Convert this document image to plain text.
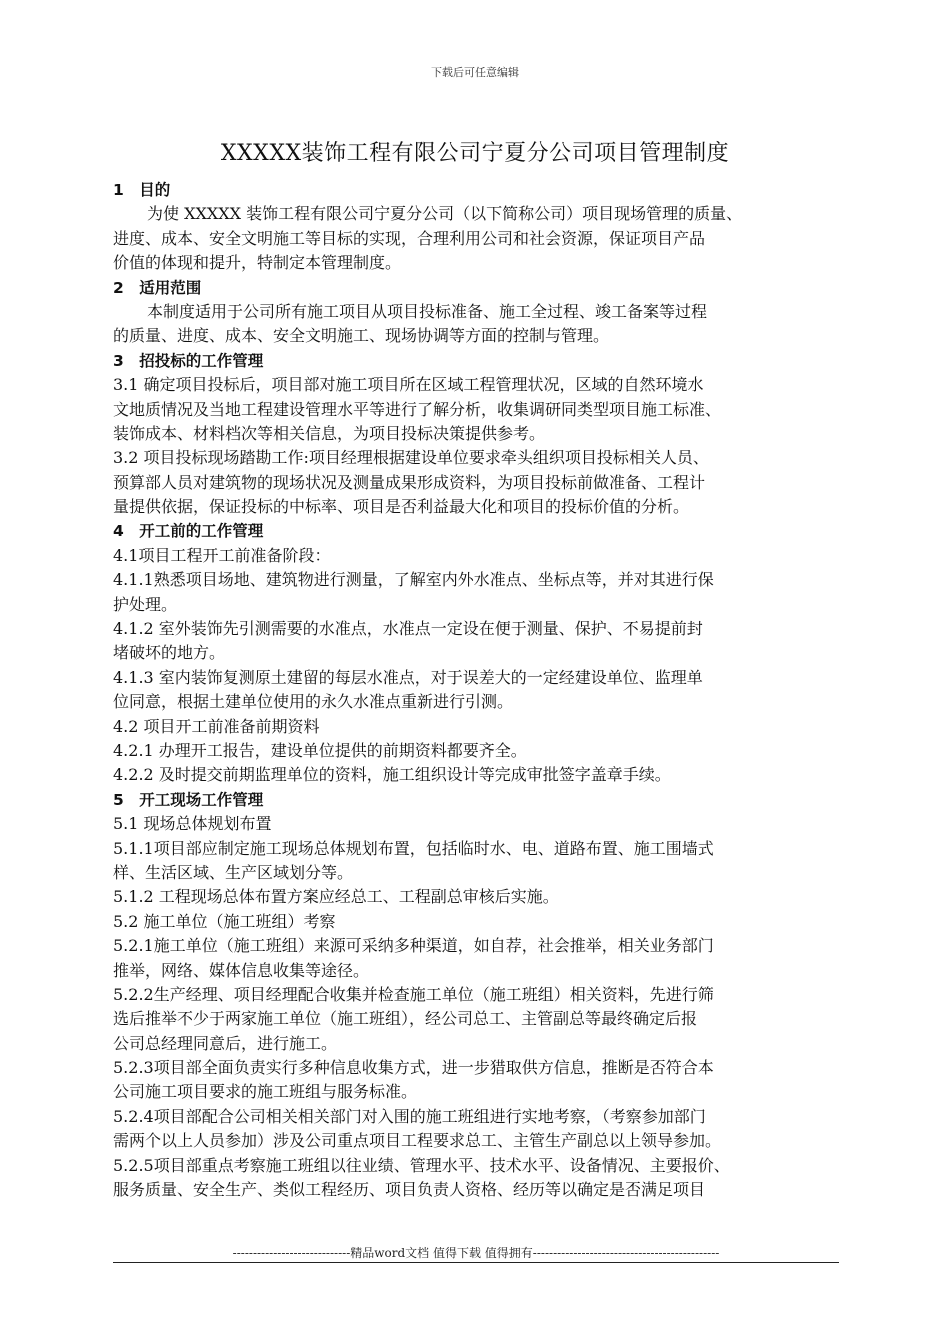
下载后可任意编辑
XXXXX装饰工程有限公司宁夏分公司项目管理制度
1　目的
为使 XXXXX 装饰工程有限公司宁夏分公司（以下简称公司）项目现场管理的质量、
进度、成本、安全文明施工等目标的实现，合理利用公司和社会资源，保证项目产品
价值的体现和提升，特制定本管理制度。
2　适用范围
本制度适用于公司所有施工项目从项目投标准备、施工全过程、竣工备案等过程
的质量、进度、成本、安全文明施工、现场协调等方面的控制与管理。
3　招投标的工作管理
3.1 确定项目投标后，项目部对施工项目所在区域工程管理状况，区域的自然环境水
文地质情况及当地工程建设管理水平等进行了解分析，收集调研同类型项目施工标准、
装饰成本、材料档次等相关信息，为项目投标决策提供参考。
3.2 项目投标现场踏勘工作:项目经理根据建设单位要求牵头组织项目投标相关人员、
预算部人员对建筑物的现场状况及测量成果形成资料，为项目投标前做准备、工程计
量提供依据，保证投标的中标率、项目是否利益最大化和项目的投标价值的分析。
4　开工前的工作管理
4.1项目工程开工前准备阶段：
4.1.1熟悉项目场地、建筑物进行测量，了解室内外水准点、坐标点等，并对其进行保
护处理。
4.1.2 室外装饰先引测需要的水准点，水准点一定设在便于测量、保护、不易提前封
堵破坏的地方。
4.1.3 室内装饰复测原土建留的每层水准点，对于误差大的一定经建设单位、监理单
位同意，根据土建单位使用的永久水准点重新进行引测。
4.2 项目开工前准备前期资料
4.2.1 办理开工报告，建设单位提供的前期资料都要齐全。
4.2.2 及时提交前期监理单位的资料，施工组织设计等完成审批签字盖章手续。
5　开工现场工作管理
5.1 现场总体规划布置
5.1.1项目部应制定施工现场总体规划布置，包括临时水、电、道路布置、施工围墙式
样、生活区域、生产区域划分等。
5.1.2 工程现场总体布置方案应经总工、工程副总审核后实施。
5.2 施工单位（施工班组）考察
5.2.1施工单位（施工班组）来源可采纳多种渠道，如自荐，社会推举，相关业务部门
推举，网络、媒体信息收集等途径。
5.2.2生产经理、项目经理配合收集并检查施工单位（施工班组）相关资料，先进行筛
选后推举不少于两家施工单位（施工班组），经公司总工、主管副总等最终确定后报
公司总经理同意后，进行施工。
5.2.3项目部全面负责实行多种信息收集方式，进一步猎取供方信息，推断是否符合本
公司施工项目要求的施工班组与服务标准。
5.2.4项目部配合公司相关相关部门对入围的施工班组进行实地考察，（考察参加部门
需两个以上人员参加）涉及公司重点项目工程要求总工、主管生产副总以上领导参加。
5.2.5项目部重点考察施工班组以往业绩、管理水平、技术水平、设备情况、主要报价、
服务质量、安全生产、类似工程经历、项目负责人资格、经历等以确定是否满足项目
-----------------------------精品word文档 值得下载 值得拥有----------------------------------------------
